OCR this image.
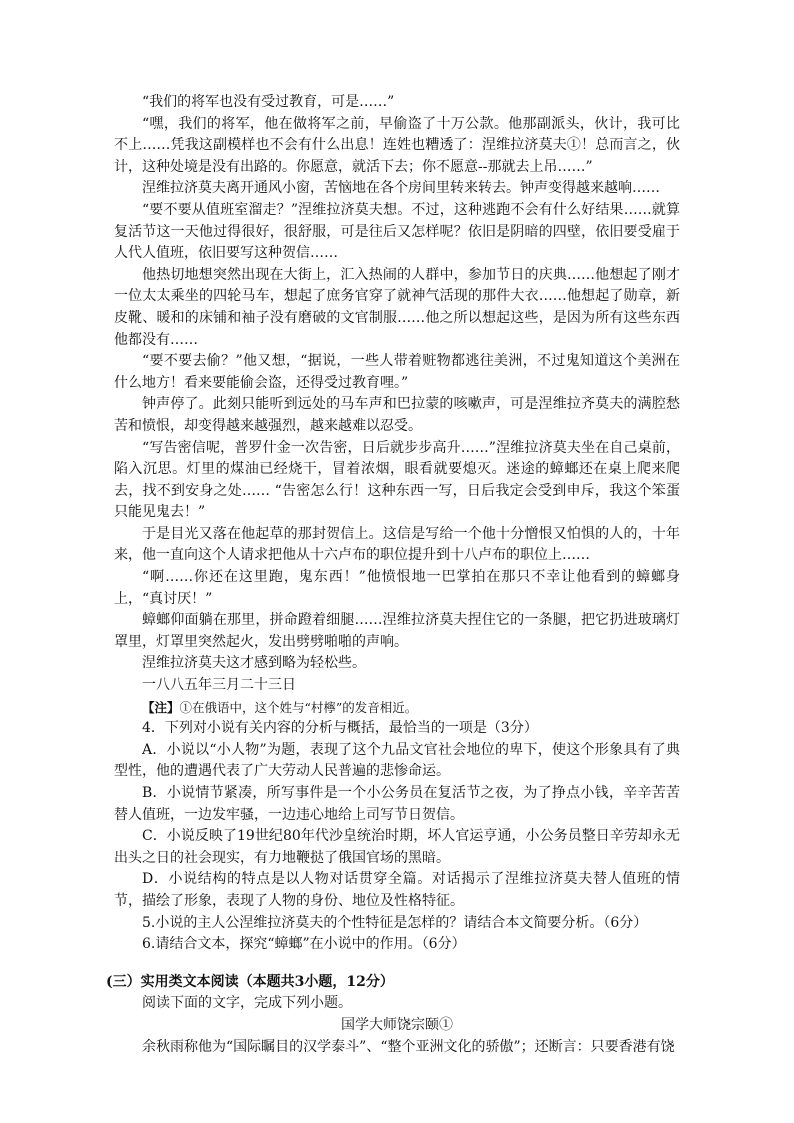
“我们的将军也没有受过教育，可是……”

“嘿，我们的将军，他在做将军之前，早偷盗了十万公款。他那副派头，伙计，我可比不上……凭我这副模样也不会有什么出息！连姓也糟透了：涅维拉济莫夫①！总而言之，伙计，这种处境是没有出路的。你愿意，就活下去；你不愿意--那就去上吊……”

涅维拉济莫夫离开通风小窗，苦恼地在各个房间里转来转去。钟声变得越来越响……

“要不要从值班室溜走？”涅维拉济莫夫想。不过，这种逃跑不会有什么好结果……就算复活节这一天他过得很好，很舒服，可是往后又怎样呢？依旧是阴暗的四壁，依旧要受雇于人代人值班，依旧要写这种贺信……

他热切地想突然出现在大街上，汇入热闹的人群中，参加节日的庆典……他想起了刚才一位太太乘坐的四轮马车，想起了庶务官穿了就神气活现的那件大衣……他想起了勋章，新皮靴、暖和的床铺和袖子没有磨破的文官制服……他之所以想起这些，是因为所有这些东西他都没有……

“要不要去偷？”他又想，“据说，一些人带着赃物都逃往美洲，不过鬼知道这个美洲在什么地方！看来要能偷会盗，还得受过教育哩。”

钟声停了。此刻只能听到远处的马车声和巴拉蒙的咳嗽声，可是涅维拉齐莫夫的满腔愁苦和愤恨，却变得越来越强烈，越来越难以忍受。

“写告密信呢，普罗什金一次告密，日后就步步高升……”涅维拉济莫夫坐在自己桌前，陷入沉思。灯里的煤油已经烧干，冒着浓烟，眼看就要熄灭。迷途的蟑螂还在桌上爬来爬去，找不到安身之处…… “告密怎么行！这种东西一写，日后我定会受到申斥，我这个笨蛋只能见鬼去！”

于是目光又落在他起草的那封贺信上。这信是写给一个他十分憎恨又怕惧的人的，十年来，他一直向这个人请求把他从十六卢布的职位提升到十八卢布的职位上……

“啊……你还在这里跑，鬼东西！”他愤恨地一巴掌拍在那只不幸让他看到的蟑螂身上，“真讨厌！”

蟑螂仰面躺在那里，拼命蹬着细腿……涅维拉济莫夫捏住它的一条腿，把它扔进玻璃灯罩里，灯罩里突然起火，发出劈劈啪啪的声响。

涅维拉济莫夫这才感到略为轻松些。

一八八五年三月二十三日

【注】①在俄语中，这个姓与“村檸”的发音相近。

4．下列对小说有关内容的分析与概括，最恰当的一项是（3分）

A．小说以“小人物”为题，表现了这个九品文官社会地位的卑下，使这个形象具有了典型性，他的遭遇代表了广大劳动人民普遍的悲惨命运。

B．小说情节紧凑，所写事件是一个小公务员在复活节之夜，为了挣点小钱，辛辛苦苦替人值班，一边发牢骚，一边违心地给上司写节日贺信。

C．小说反映了19世纪80年代沙皇统治时期，坏人官运亨通，小公务员整日辛劳却永无出头之日的社会现实，有力地鞭挞了俄国官场的黑暗。

D．小说结构的特点是以人物对话贯穿全篇。对话揭示了涅维拉济莫夫替人值班的情节，描绘了形象，表现了人物的身份、地位及性格特征。

5.小说的主人公涅维拉济莫夫的个性特征是怎样的？请结合本文简要分析。（6分）

6.请结合文本，探究“蟑螂”在小说中的作用。（6分）

(三）实用类文本阅读（本题共3小题，12分）

阅读下面的文字，完成下列小题。

国学大师饶宗颐①

余秋雨称他为“国际瞩目的汉学泰斗”、“整个亚洲文化的骄傲”；还断言：只要香港有饶
